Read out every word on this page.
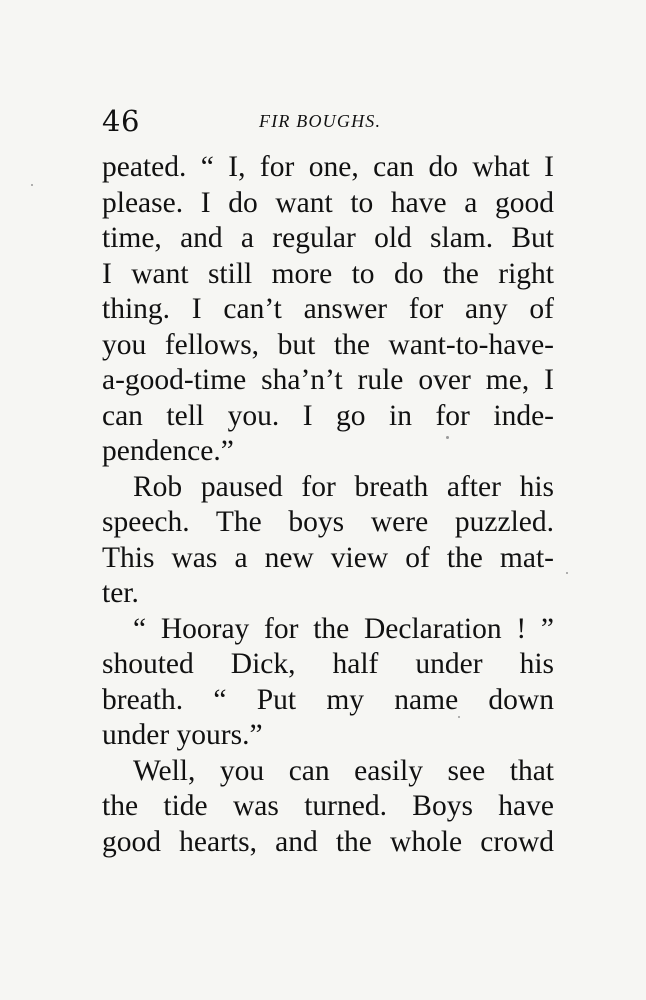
46	FIR BOUGHS.
peated. “ I, for one, can do what I
please. I do want to have a good
time, and a regular old slam. But
I want still more to do the right
thing. I can’t answer for any of
you fellows, but the want-to-have-
a-good-time sha’n’t rule over me, I
can tell you. I go in for inde-
pendence.”
Rob paused for breath after his
speech. The boys were puzzled.
This was a new view of the mat-
ter.
“ Hooray for the Declaration ! ”
shouted Dick, half under his
breath. “ Put my name down
under yours.”
Well, you can easily see that
the tide was turned. Boys have
good hearts, and the whole crowd
